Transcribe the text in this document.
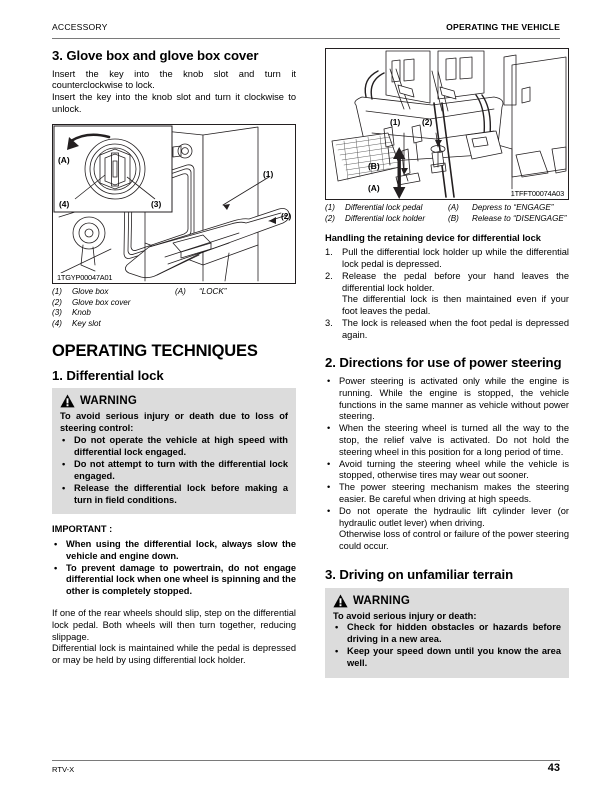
ACCESSORY	OPERATING THE VEHICLE
3. Glove box and glove box cover

Insert the key into the knob slot and turn it counterclockwise to lock.

Insert the key into the knob slot and turn it clockwise to unlock.

(A)
(4)	(3)
(1)
(2)
1TGYP00047A01
(1)	Glove box	(A)	“LOCK”
(2)	Glove box cover
(3)	Knob
(4)	Key slot
OPERATING TECHNIQUES
1. Differential lock
WARNING

To avoid serious injury or death due to loss of steering control:

• Do not operate the vehicle at high speed with differential lock engaged.
• Do not attempt to turn with the differential lock engaged.
• Release the differential lock before making a turn in field conditions.
IMPORTANT :
• When using the differential lock, always slow the vehicle and engine down.
• To prevent damage to powertrain, do not engage differential lock when one wheel is spinning and the other is completely stopped.

If one of the rear wheels should slip, step on the differential lock pedal. Both wheels will then turn together, reducing slippage.

Differential lock is maintained while the pedal is depressed or may be held by using differential lock holder.

(1)	(2)
(B)
(A)
1TFFT00074A03
(1)	Differential lock pedal	(A)	Depress to “ENGAGE”
(2)	Differential lock holder	(B)	Release to “DISENGAGE”
Handling the retaining device for differential lock
1. Pull the differential lock holder up while the differential lock pedal is depressed.
2. Release the pedal before your hand leaves the differential lock holder.
The differential lock is then maintained even if your foot leaves the pedal.
3. The lock is released when the foot pedal is depressed again.
2. Directions for use of power steering
• Power steering is activated only while the engine is running. While the engine is stopped, the vehicle functions in the same manner as vehicle without power steering.
• When the steering wheel is turned all the way to the stop, the relief valve is activated. Do not hold the steering wheel in this position for a long period of time.
• Avoid turning the steering wheel while the vehicle is stopped, otherwise tires may wear out sooner.
• The power steering mechanism makes the steering easier. Be careful when driving at high speeds.
• Do not operate the hydraulic lift cylinder lever (or hydraulic outlet lever) when driving.
Otherwise loss of control or failure of the power steering could occur.
3. Driving on unfamiliar terrain
WARNING

To avoid serious injury or death:

• Check for hidden obstacles or hazards before driving in a new area.
• Keep your speed down until you know the area well.
RTV-X	43
